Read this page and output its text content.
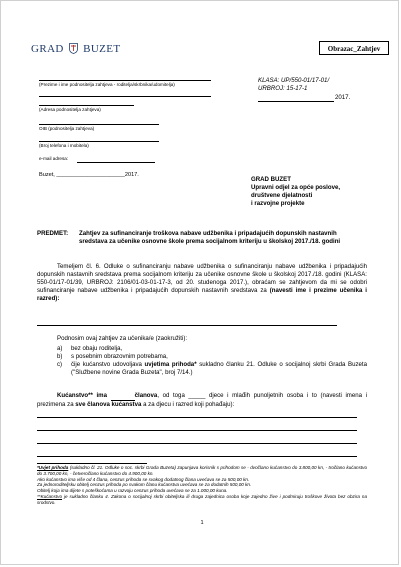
GRAD BUZET	Obrazac_Zahtjev
(Prezime i ime podnositelja zahtjeva - roditelja/skrbnika/udomitelja)
(Adresa podnositelja zahtjeva)
OIB (podnositelja zahtjeva)
(Broj telefona i mobitela)
e-mail adresa:
Buzet, ______________________2017.
KLASA: UP/550-01/17-01/
URBROJ: 15-17-1
2017.
GRAD BUZET
Upravni odjel za opće poslove,
društvene djelatnosti
i razvojne projekte
PREDMET:	Zahtjev za sufinanciranje troškova nabave udžbenika i pripadajućih dopunskih nastavnih sredstava za učenike osnovne škole prema socijalnom kriteriju u školskoj 2017./18. godini
Temeljem čl. 6. Odluke o sufinanciranju nabave udžbenika o sufinanciranju nabave udžbenika i pripadajućih dopunskih nastavnih sredstava prema socijalnom kriteriju za učenike osnovne škole u školskoj 2017./18. godini (KLASA: 550-01/17-01/39, URBROJ: 2106/01-03-01-17-3, od 20. studenoga 2017.), obraćam se zahtjevom da mi se odobri sufinanciranje nabave udžbenika i pripadajućih dopunskih nastavnih sredstava za (navesti ime i prezime učenika i razred):
Podnosim ovaj zahtjev za učenika/e (zaokružiti):
a)	bez obaju roditelja,
b)	s posebnim obrazovnim potrebama,
c)	čije kućanstvo udovoljava uvjetima prihoda* sukladno članku 21. Odluke o socijalnoj skrbi Grada Buzeta ("Službene novine Grada Buzeta", broj 7/14.)
Kućanstvo** ima	članova, od toga _____ djece i mlađih punoljetnih osoba i to (navesti imena i prezimena za sve članova kućanstva a za djecu i razred koji pohađaju):
*Uvjet prihoda (sukladno čl. 21. Odluke o soc. skrbi Grada Buzeta) zapunjava korisnik s prihodom se - dvočlano kućanstvo do 3.800,00 kn, - tročlano kućanstvo do 3.700,00 kn, - četveročlano kućanstvo do 4.900,00 kn.
Ako kućanstvo ima više od 4 člana, cenzus prihoda se svakog dodatnog člana uvećava se za 500,00 kn.
Za jednoroditeljsku obitelj cenzus prihoda po svakom članu kućanstva uvećava se za dodatnih 500,00 kn.
Obitelj koja ima dijete s poteškoćama u razvoju cenzus prihoda uvećava se za 1.000,00 kuna.
**Kućanstvo je sukladno članku 4. Zakona o socijalnoj skrbi obiteljska ili druga zajednica osoba koje zajedno žive i podmiruju troškove života bez obzira na srodstvo.
1
